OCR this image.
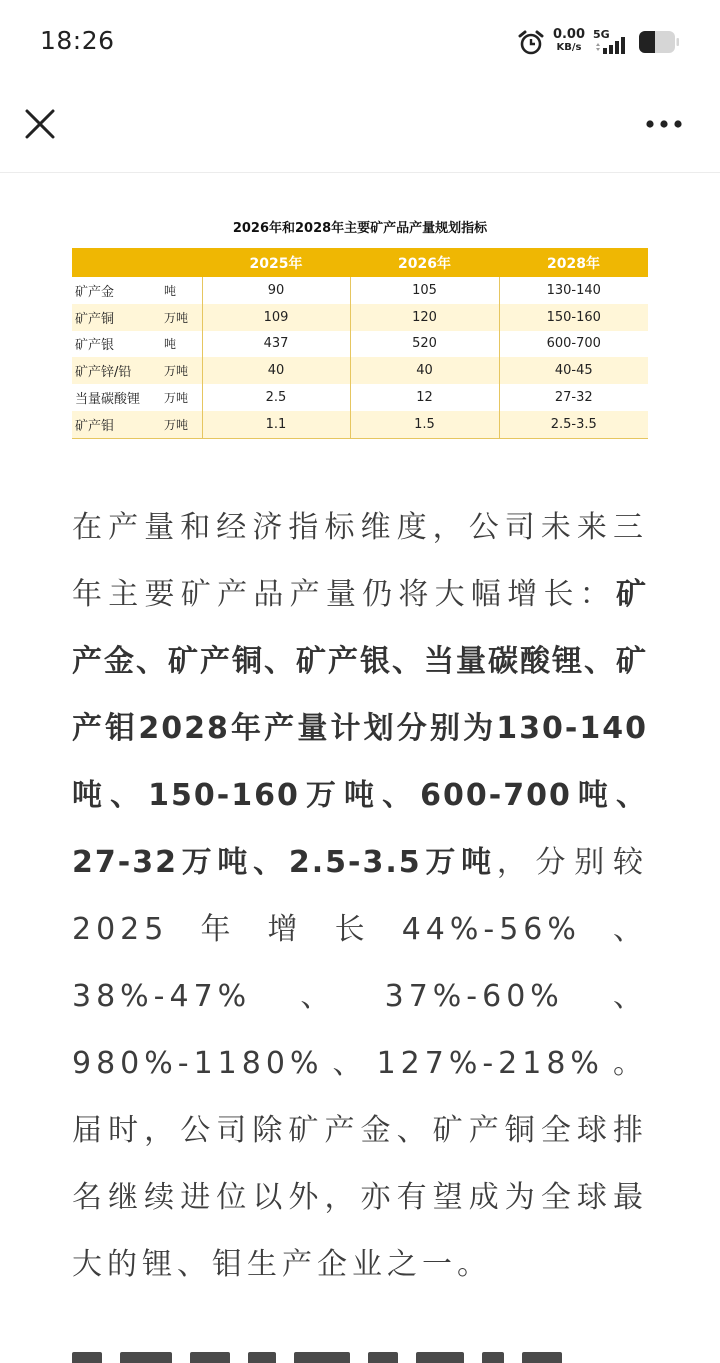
18:26	0.00
KB/s
5G
2026年和2028年主要矿产品产量规划指标
		2025年	2026年	2028年
矿产金	吨	90	105	130-140
矿产铜	万吨	109	120	150-160
矿产银	吨	437	520	600-700
矿产锌/铅	万吨	40	40	40-45
当量碳酸锂	万吨	2.5	12	27-32
矿产钼	万吨	1.1	1.5	2.5-3.5
在产量和经济指标维度，公司未来三年主要矿产品产量仍将大幅增长：矿产金、矿产铜、矿产银、当量碳酸锂、矿产钼2028年产量计划分别为130-140吨、150-160万吨、600-700吨、27-32万吨、2.5-3.5万吨，分别较2025年增长44%-56%、38%-47%、37%-60%、980%-1180%、127%-218%。届时，公司除矿产金、矿产铜全球排名继续进位以外，亦有望成为全球最大的锂、钼生产企业之一。
